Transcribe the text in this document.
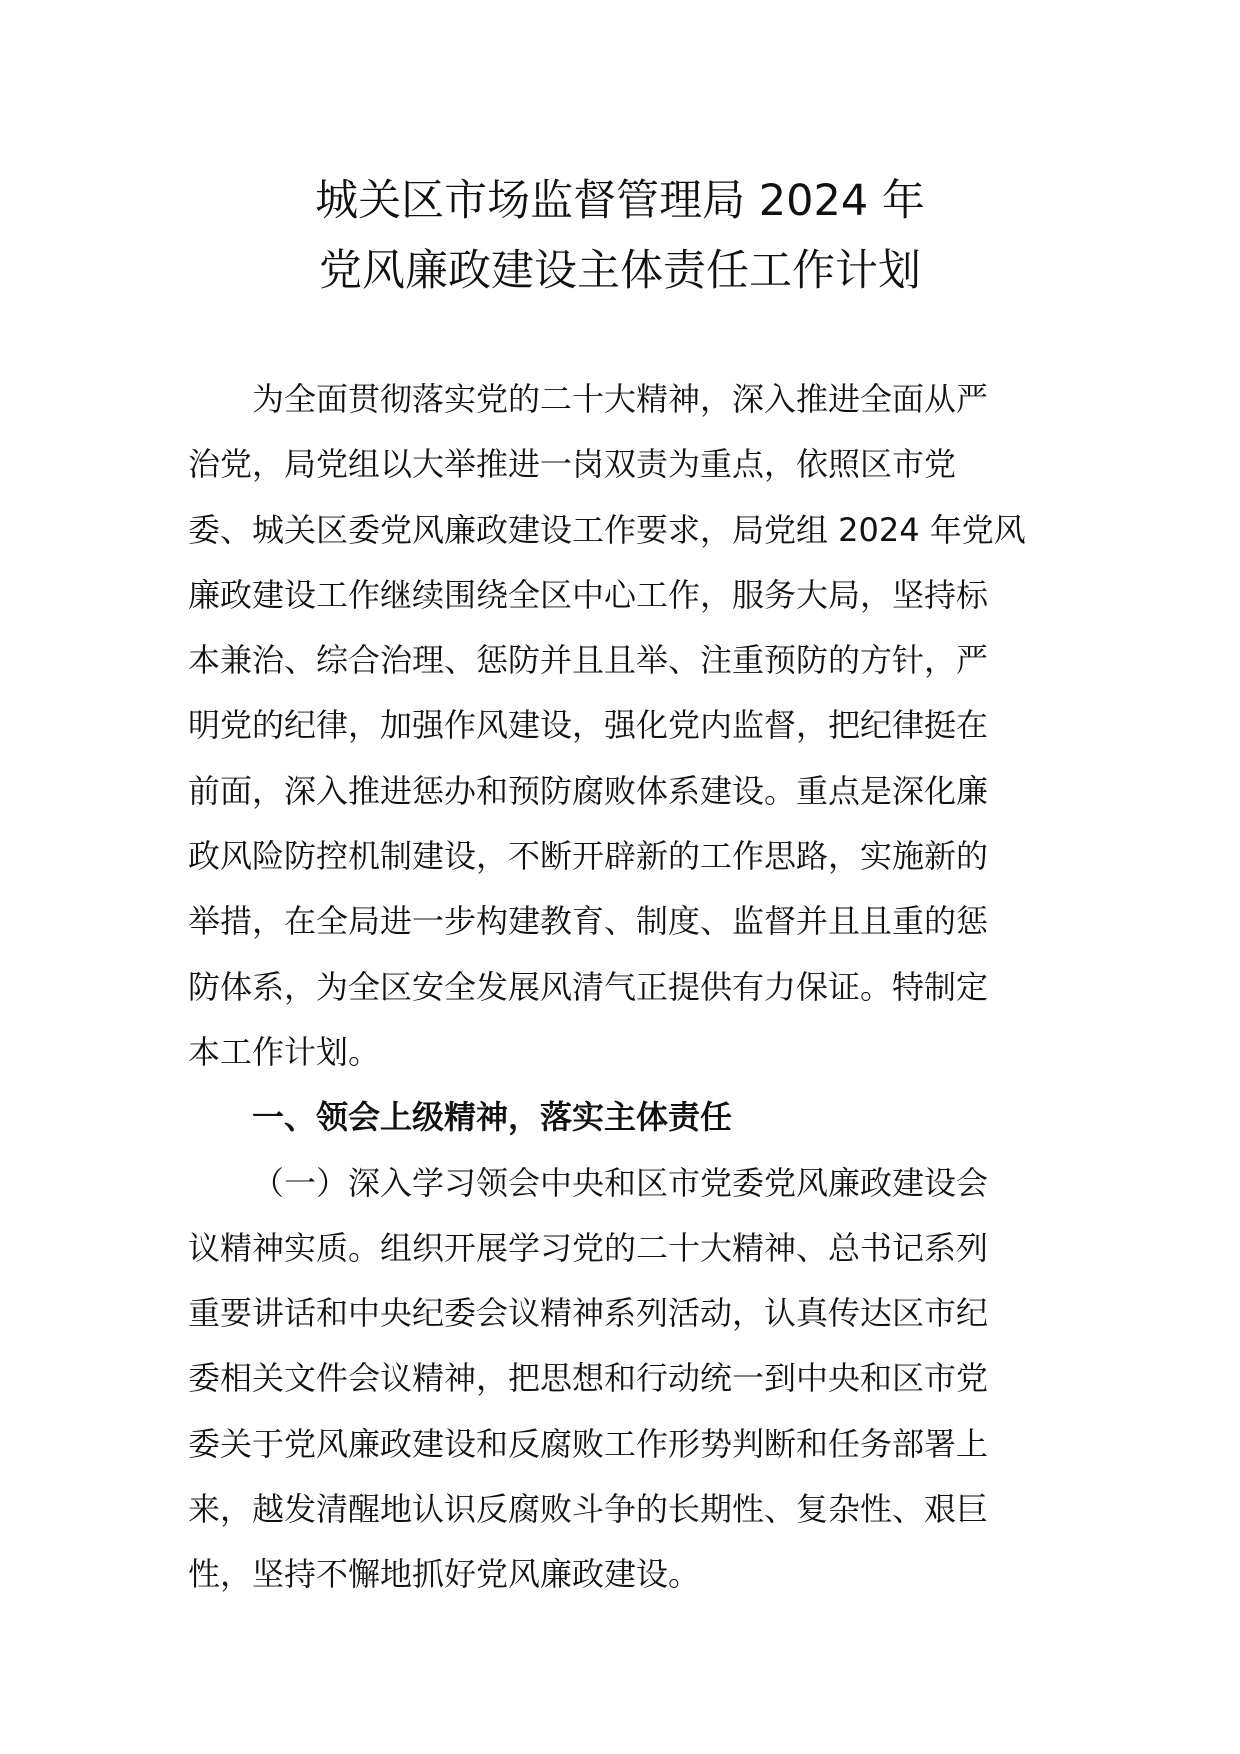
城关区市场监督管理局 2024 年
党风廉政建设主体责任工作计划
为全面贯彻落实党的二十大精神，深入推进全面从严
治党，局党组以大举推进一岗双责为重点，依照区市党
委、城关区委党风廉政建设工作要求，局党组 2024 年党风
廉政建设工作继续围绕全区中心工作，服务大局，坚持标
本兼治、综合治理、惩防并且且举、注重预防的方针，严
明党的纪律，加强作风建设，强化党内监督，把纪律挺在
前面，深入推进惩办和预防腐败体系建设。重点是深化廉
政风险防控机制建设，不断开辟新的工作思路，实施新的
举措，在全局进一步构建教育、制度、监督并且且重的惩
防体系，为全区安全发展风清气正提供有力保证。特制定
本工作计划。
一、领会上级精神，落实主体责任
（一）深入学习领会中央和区市党委党风廉政建设会
议精神实质。组织开展学习党的二十大精神、总书记系列
重要讲话和中央纪委会议精神系列活动，认真传达区市纪
委相关文件会议精神，把思想和行动统一到中央和区市党
委关于党风廉政建设和反腐败工作形势判断和任务部署上
来，越发清醒地认识反腐败斗争的长期性、复杂性、艰巨
性，坚持不懈地抓好党风廉政建设。
